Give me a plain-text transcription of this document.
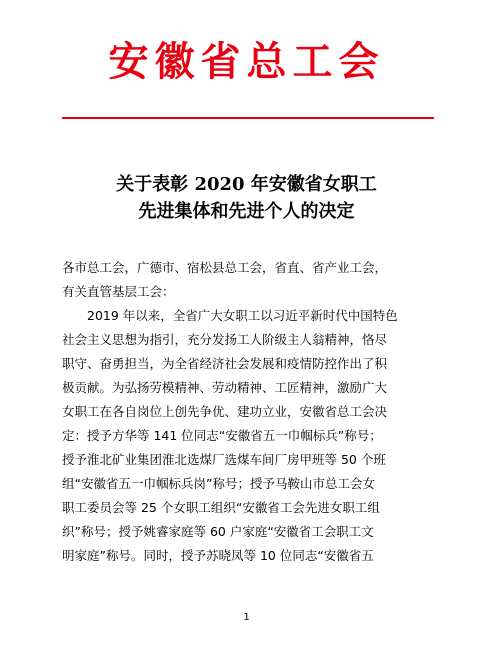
安徽省总工会
关于表彰 2020 年安徽省女职工
先进集体和先进个人的决定
各市总工会，广德市、宿松县总工会，省直、省产业工会，
有关直管基层工会：
　　2019 年以来，全省广大女职工以习近平新时代中国特色
社会主义思想为指引，充分发扬工人阶级主人翁精神，恪尽
职守、奋勇担当，为全省经济社会发展和疫情防控作出了积
极贡献。为弘扬劳模精神、劳动精神、工匠精神，激励广大
女职工在各自岗位上创先争优、建功立业，安徽省总工会决
定：授予方华等 141 位同志“安徽省五一巾帼标兵”称号；
授予淮北矿业集团淮北选煤厂选煤车间厂房甲班等 50 个班
组“安徽省五一巾帼标兵岗”称号；授予马鞍山市总工会女
职工委员会等 25 个女职工组织“安徽省工会先进女职工组
织”称号；授予姚睿家庭等 60 户家庭“安徽省工会职工文
明家庭”称号。同时，授予苏晓凤等 10 位同志“安徽省五
1
